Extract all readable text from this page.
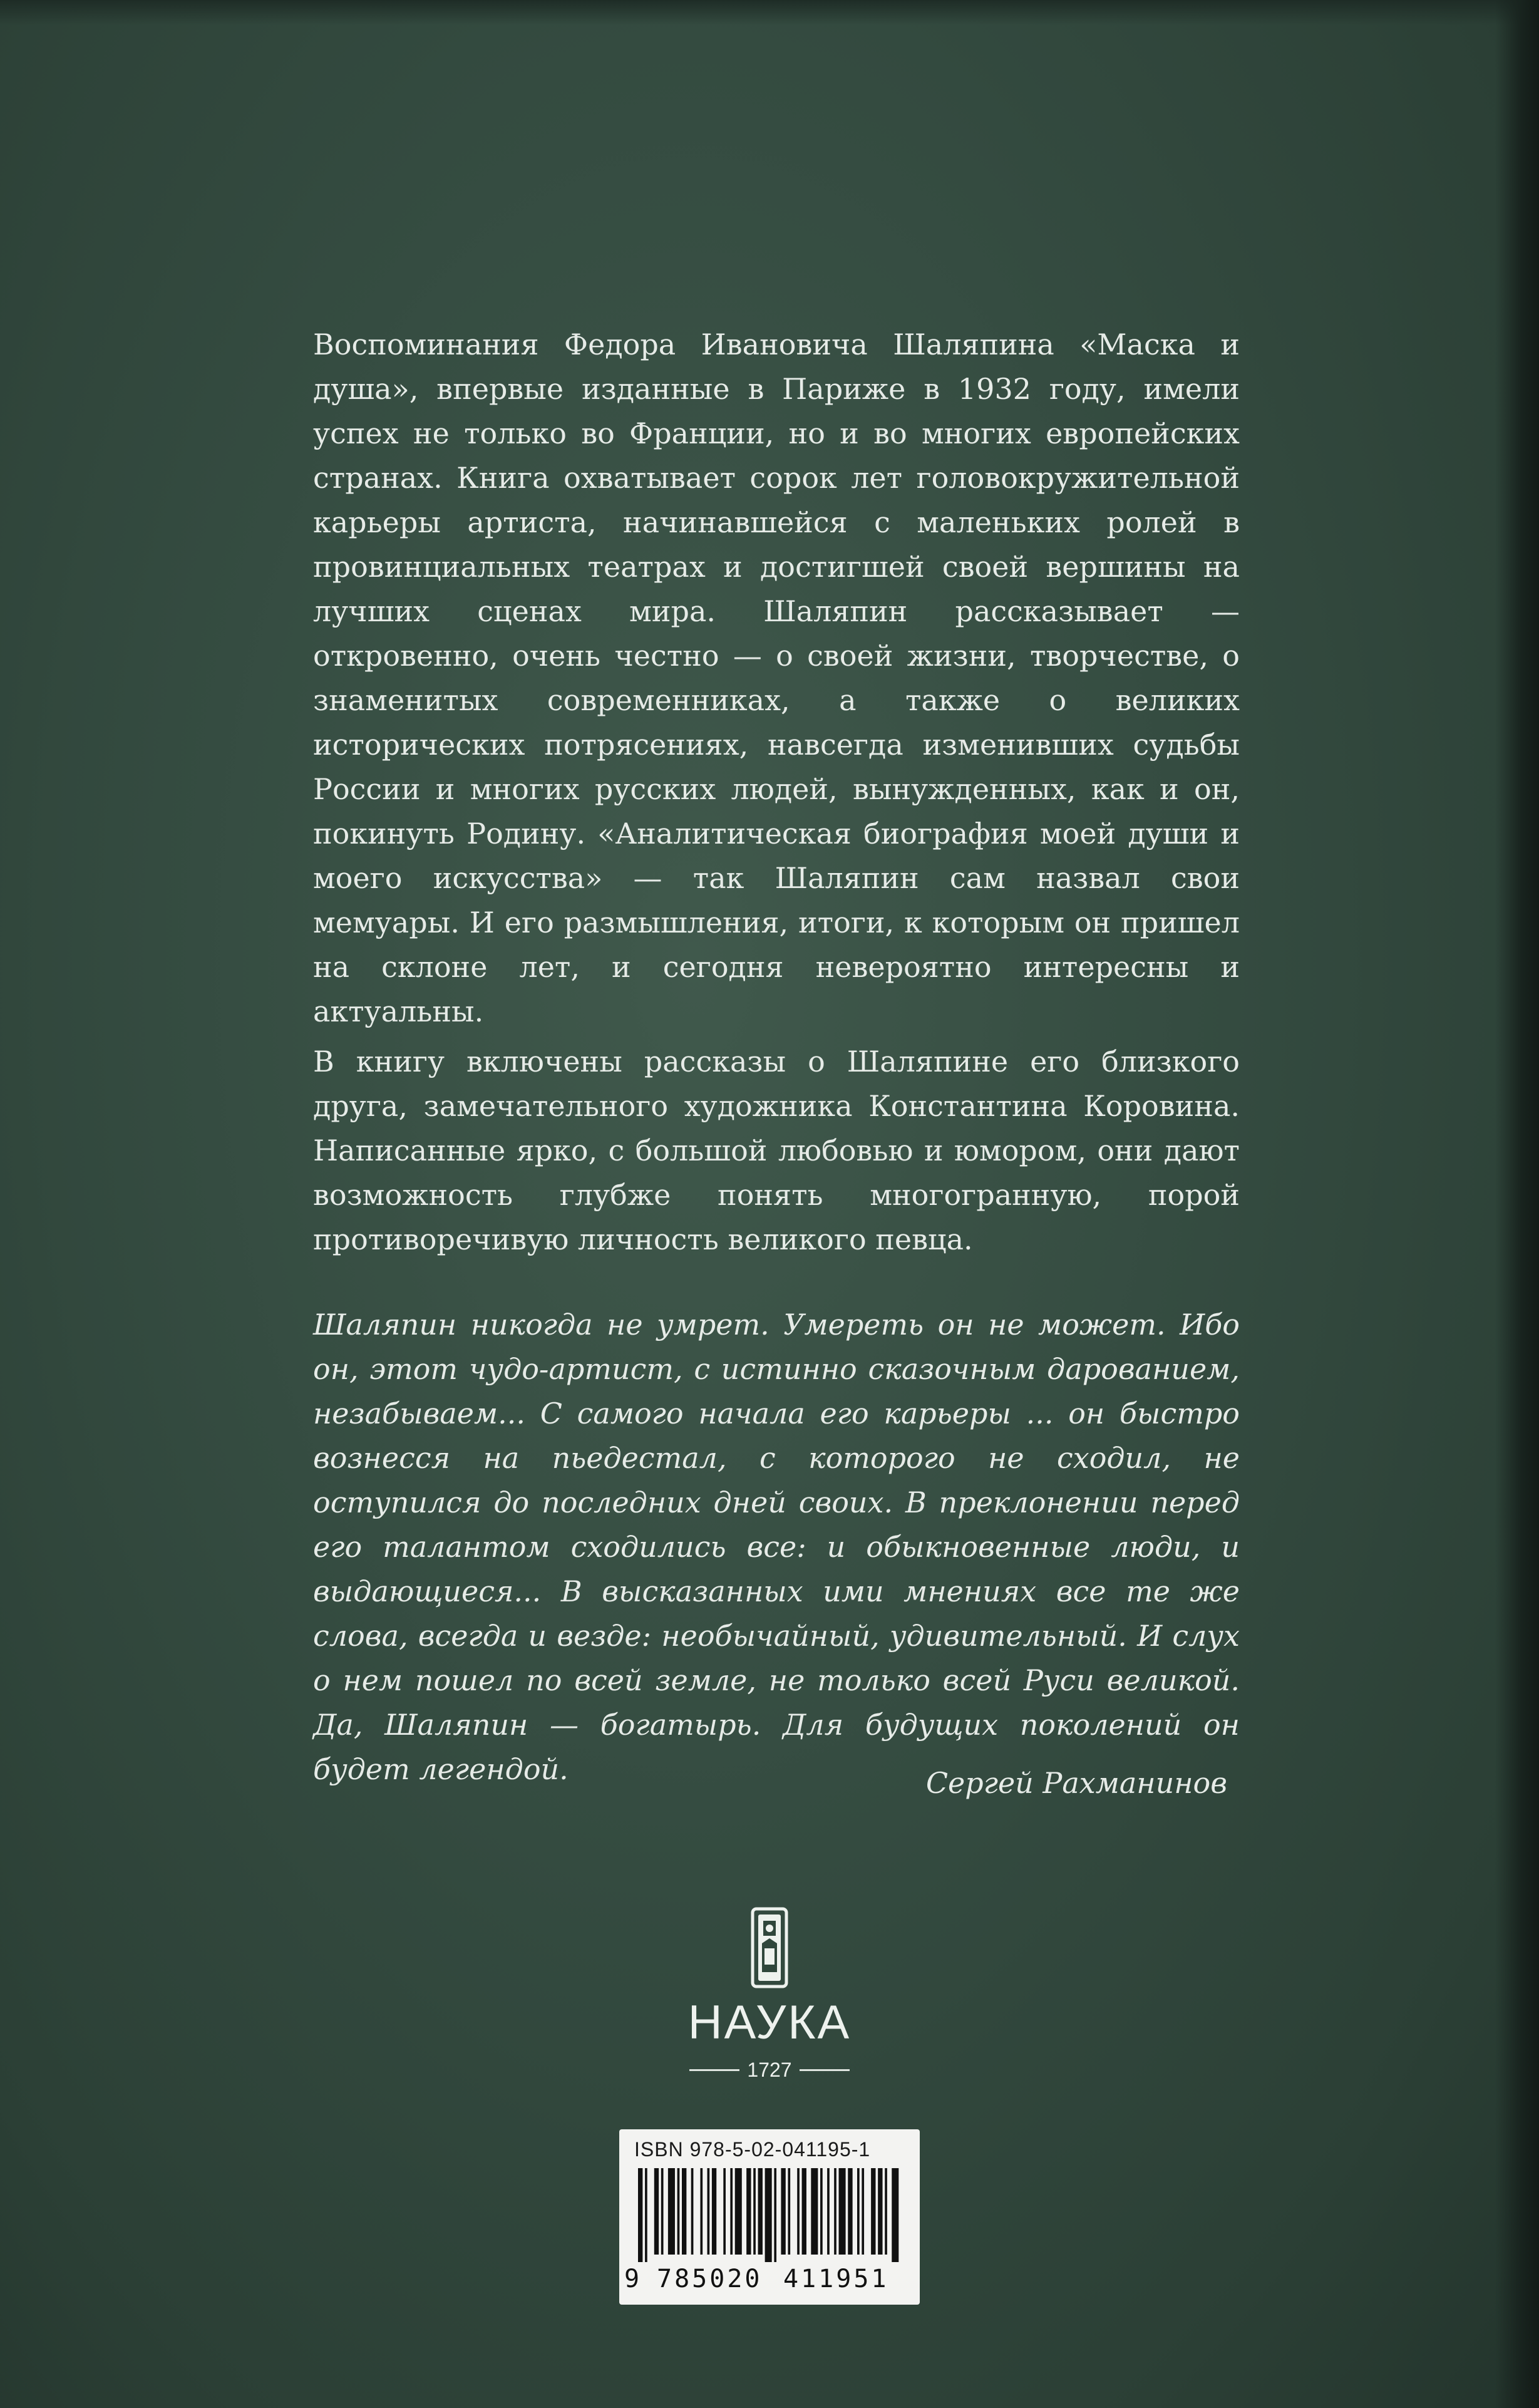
Воспоминания Федора Ивановича Шаляпина «Маска и душа», впервые изданные в Париже в 1932 году, имели успех не только во Франции, но и во многих европейских странах. Книга охватывает сорок лет головокружительной карьеры артиста, начинавшейся с маленьких ролей в провинциальных театрах и достигшей своей вершины на лучших сценах мира. Шаляпин рассказывает — откровенно, очень честно — о своей жизни, творчестве, о знаменитых современниках, а также о великих исторических потрясениях, навсегда изменивших судьбы России и многих русских людей, вынужденных, как и он, покинуть Родину. «Аналитическая биография моей души и моего искусства» — так Шаляпин сам назвал свои мемуары. И его размышления, итоги, к которым он пришел на склоне лет, и сегодня невероятно интересны и актуальны.

В книгу включены рассказы о Шаляпине его близкого друга, замечательного художника Константина Коровина. Написанные ярко, с большой любовью и юмором, они дают возможность глубже понять многогранную, порой противоречивую личность великого певца.

Шаляпин никогда не умрет. Умереть он не может. Ибо он, этот чудо-артист, с истинно сказочным дарованием, незабываем... С самого начала его карьеры ... он быстро вознесся на пьедестал, с которого не сходил, не оступился до последних дней своих. В преклонении перед его талантом сходились все: и обыкновенные люди, и выдающиеся... В высказанных ими мнениях все те же слова, всегда и везде: необычайный, удивительный. И слух о нем пошел по всей земле, не только всей Руси великой. Да, Шаляпин — богатырь. Для будущих поколений он будет легендой.	Сергей Рахманинов

НАУКА
1727
ISBN 978-5-02-041195-1
9 785020 411951
